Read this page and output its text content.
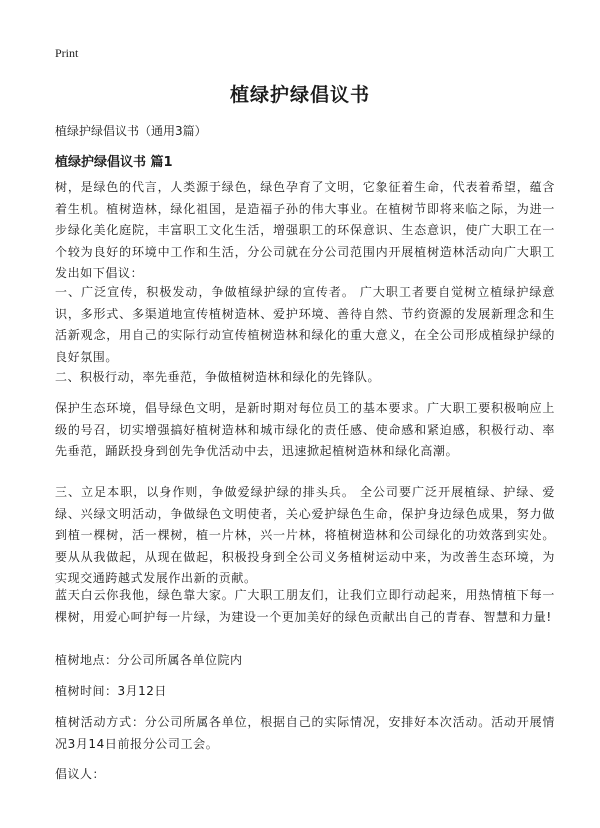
Print
植绿护绿倡议书
植绿护绿倡议书（通用3篇）
植绿护绿倡议书 篇1

树，是绿色的代言，人类源于绿色，绿色孕育了文明，它象征着生命，代表着希望，蕴含着生机。植树造林，绿化祖国，是造福子孙的伟大事业。在植树节即将来临之际，为进一步绿化美化庭院，丰富职工文化生活，增强职工的环保意识、生态意识，使广大职工在一个较为良好的环境中工作和生活，分公司就在分公司范围内开展植树造林活动向广大职工发出如下倡议：

一、广泛宣传，积极发动，争做植绿护绿的宣传者。 广大职工者要自觉树立植绿护绿意识，多形式、多渠道地宣传植树造林、爱护环境、善待自然、节约资源的发展新理念和生活新观念，用自己的实际行动宣传植树造林和绿化的重大意义，在全公司形成植绿护绿的良好氛围。

二、积极行动，率先垂范，争做植树造林和绿化的先锋队。

保护生态环境，倡导绿色文明，是新时期对每位员工的基本要求。广大职工要积极响应上级的号召，切实增强搞好植树造林和城市绿化的责任感、使命感和紧迫感，积极行动、率先垂范，踊跃投身到创先争优活动中去，迅速掀起植树造林和绿化高潮。

三、立足本职，以身作则，争做爱绿护绿的排头兵。 全公司要广泛开展植绿、护绿、爱绿、兴绿文明活动，争做绿色文明使者，关心爱护绿色生命，保护身边绿色成果，努力做到植一棵树，活一棵树，植一片林，兴一片林，将植树造林和公司绿化的功效落到实处。要从从我做起，从现在做起，积极投身到全公司义务植树运动中来，为改善生态环境，为实现交通跨越式发展作出新的贡献。

蓝天白云你我他，绿色靠大家。广大职工朋友们，让我们立即行动起来，用热情植下每一棵树，用爱心呵护每一片绿，为建设一个更加美好的绿色贡献出自己的青春、智慧和力量!

植树地点：分公司所属各单位院内
植树时间：3月12日

植树活动方式：分公司所属各单位，根据自己的实际情况，安排好本次活动。活动开展情况3月14日前报分公司工会。

倡议人：
